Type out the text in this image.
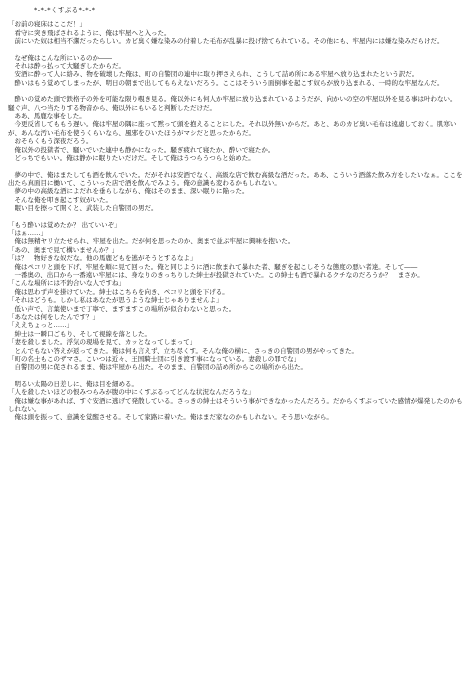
*-*-*くすぶる*-*-*
「お前の寝床はここだ！」
　看守に突き飛ばされるように、俺は牢屋へと入った。
　前にいた奴は相当不潔だったらしい。カビ臭く嫌な染みの付着した毛布が乱暴に投げ捨てられている。その他にも、牢屋内には嫌な染みだらけだ。
　なぜ俺はこんな所にいるのか――
　それは酔っ払って大騒ぎしたからだ。
　安酒に酔って人に絡み、物を破壊した俺は、町の自警団の連中に取り押さえられ、こうして詰め所にある牢屋へ放り込まれたという訳だ。
　酔いはもう覚めてしまったが、明日の朝まで出してもらえないだろう。ここはそういう面倒事を起こす奴らが放り込まれる、一時的な牢屋なんだ。
　酔いの覚めた頭で鉄格子の外を可能な限り覗き見る。俺以外にも何人か牢屋に放り込まれているようだが、向かいの空の牢屋以外を見る事は叶わない。
騒ぐ声、八つ当たりする物音から、俺以外にもいると判断しただけだ。
　ああ、馬鹿な事をした。
　今更反省してももう遅い。俺は牢屋の隅に座って黙って頭を抱えることにした。それ以外無いからだ。あと、あのカビ臭い毛布は遠慮しておく。肌寒いが、あんな汚い毛布を使うくらいなら、風邪をひいたほうがマシだと思ったからだ。
　おそらくもう深夜だろう。
　俺以外の投獄者で、騒いでいた連中も静かになった。騒ぎ疲れて寝たか、酔いで寝たか。
　どっちでもいい。俺は静かに眠りたいだけだ。そして俺はうつらうつらと始めた。
　夢の中で、俺はまたしても酒を飲んでいた。だがそれは安酒でなく、高級な店で飲む高級な酒だった。ああ、こういう酒落た飲み方をしたいなぁ。ここを出たら真面目に働いて、こういった店で酒を飲んでみよう。俺の意識も変わるかもしれない。
　夢の中の高級な酒によだれを垂らしながら、俺はそのまま、深い眠りに陥った。
　そんな俺を叩き起こす奴がいた。
　眠い目を擦って開くと、武装した自警団の男だ。
「もう酔いは覚めたか？ 出ていいぞ」
「はぁ……」
　俺は無精ヤリ立たせられ、牢屋を出た。だが何を思ったのか、奥まで並ぶ牢屋に興味を抱いた。
「あの、奥まで見て構いませんか？」
「は？　物好きな奴だな。他の馬鹿どもを逃がそうとするなよ」
　俺はペコリと頭を下げ、牢屋を順に見て回った。俺と同じように酒に飲まれて暴れた者、騒ぎを起こしそうな態度の悪い者達。そして――
　一番奥の、出口から一番遠い牢屋には、身なりのきっちりした紳士が投獄されていた。この紳士も酒で暴れるクチなのだろうか？　まさか。
「こんな場所には不釣合いな人ですね」
　俺は思わず声を掛けていた。紳士はこちらを向き、ペコリと頭を下げる。
「それはどうも。しかし私はあなたが思うような紳士じゃありませんよ」
　低い声で、言葉使いまで丁寧で、ますますこの場所が似合わないと思った。
「あなたは何をしたんです？」
「ええちょっと……」
　紳士は一瞬口ごもり、そして視線を落とした。
「妻を殺しました。浮気の現場を見て、カッとなってしまって」
　とんでもない答えが返ってきた。俺は何も言えず、立ち尽くす。そんな俺の横に、さっきの自警団の男がやってきた。
「町の名士もこのザマさ。こいつは近々、王国騎士団に引き渡す事になっている。妻殺しの罪でな」
　自警団の男に促されるまま、俺は牢屋から出た。そのまま、自警団の詰め所からこの場所から出た。
　明るい太陽の日差しに、俺は目を細める。
「人を殺したいほどの恨みつらみが腹の中にくすぶるってどんな状況なんだろうな」
　俺は嫌な事があれば、すぐ安酒に逃げて発散している。さっきの紳士はそういう事ができなかったんだろう。だからくすぶっていた感情が爆発したのかもしれない。
　俺は頭を振って、意識を覚醒させる。そして家路に着いた。俺はまだ家なのかもしれない。そう思いながら。
